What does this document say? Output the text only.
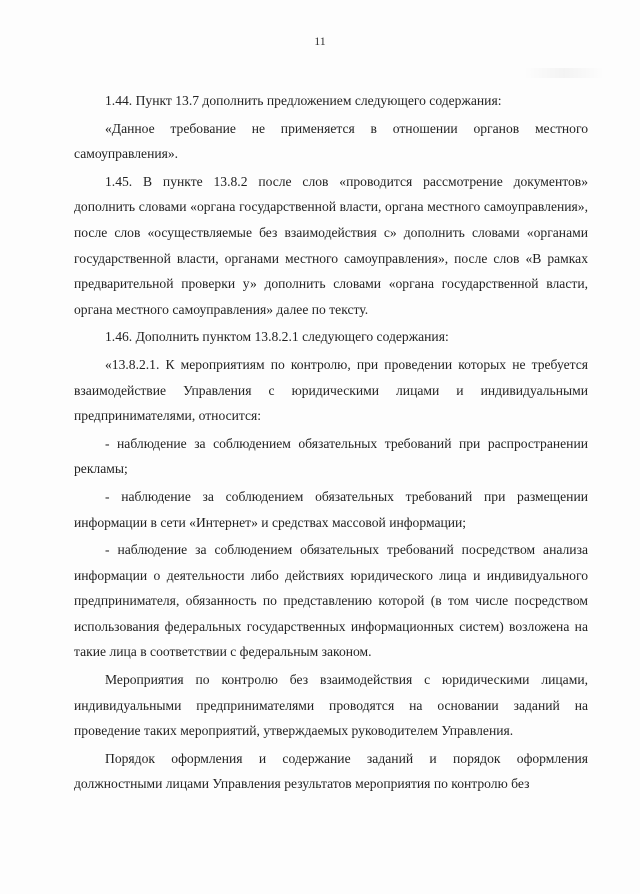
11

1.44. Пункт 13.7 дополнить предложением следующего содержания:

«Данное требование не применяется в отношении органов местного самоуправления».

1.45. В пункте 13.8.2 после слов «проводится рассмотрение документов» дополнить словами «органа государственной власти, органа местного самоуправления», после слов «осуществляемые без взаимодействия с» дополнить словами «органами государственной власти, органами местного самоуправления», после слов «В рамках предварительной проверки у» дополнить словами «органа государственной власти, органа местного самоуправления» далее по тексту.

1.46. Дополнить пунктом 13.8.2.1 следующего содержания:

«13.8.2.1. К мероприятиям по контролю, при проведении которых не требуется взаимодействие Управления с юридическими лицами и индивидуальными предпринимателями, относится:

- наблюдение за соблюдением обязательных требований при распространении рекламы;

- наблюдение за соблюдением обязательных требований при размещении информации в сети «Интернет» и средствах массовой информации;

- наблюдение за соблюдением обязательных требований посредством анализа информации о деятельности либо действиях юридического лица и индивидуального предпринимателя, обязанность по представлению которой (в том числе посредством использования федеральных государственных информационных систем) возложена на такие лица в соответствии с федеральным законом.

Мероприятия по контролю без взаимодействия с юридическими лицами, индивидуальными предпринимателями проводятся на основании заданий на проведение таких мероприятий, утверждаемых руководителем Управления.

Порядок оформления и содержание заданий и порядок оформления должностными лицами Управления результатов мероприятия по контролю без
